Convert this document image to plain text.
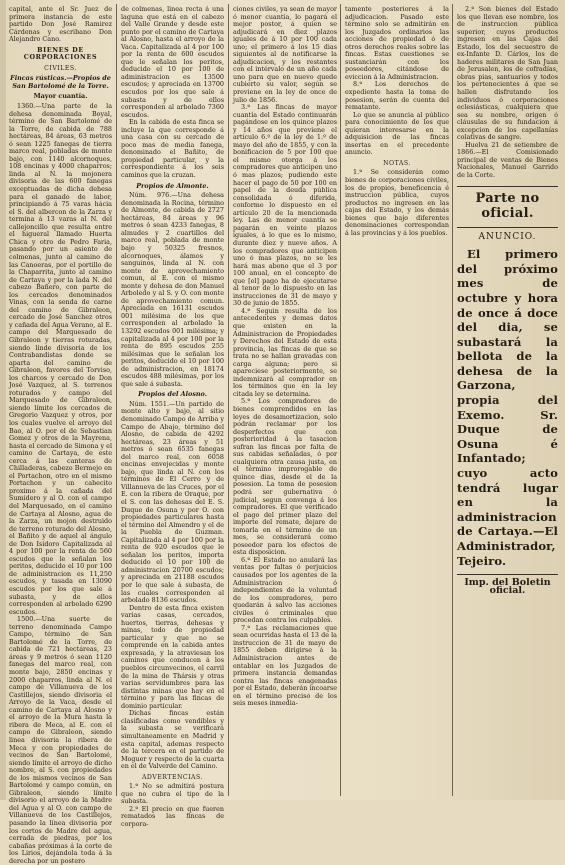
capital, ante el Sr. Juez de primera instancia de este partido Don José Ramirez Cárdenas y escribano Don Alejandro Cano.

BIENES DE CORPORACIONES
CIVILES.
Fincas rústicas.—Propios de San Bartolomé de la Torre.
Mayor cuantía.

1360.—Una parte de la dehesa denominada Boyal, término de San Bartolomé de la Torre, de cabida de 788 hectáreas, 84 áreas, 63 metros ó sean 1225 fanegas de tierra marco real, pobladas de monte bajo, con 1140 alcornoques, 108 encinas y 4000 chaparros; linda al N. la mojonera divisoria de las 600 fanegas exceptuadas de dicha dehesa para el ganado de labor, principiando á 75 varas hácia el S. del albercon de la Zarza y termina á 13 varas al N. del callejoncillo que resulta entre el higueral llamado Huerta Chica y otro de Pedro Faria, pasando por un asiento de colmenas, junto al camino de las Canoeras, por el portillo de la Chaparrita, junto al camino de Cartaya y por la lada N. del cabezo Bañero, con parte de los cercados denominados Vinas, con la senda de carne del camino de Gibraleon, cercado de José Sanchez otros y cañada del Agua Verano, al E. campo del Marquesado de Gibraleon y tierras roturadas, siendo linde divisoria de los Contrabandistas donde se aparta del camino de Gibraleon, favores del Torviso, los charcos y cercado de Don José Vazquez, al S. terrenos roturados y campo del Marquesado de Gibraleon, siendo límite los cercados de Gregorio Vazquez y otros, por los cuales vuelve el arroyo del Bao, al O. por el de Sebastian Gomez y otros de la Mayrena, hasta el cercado de Simona y el camino de Cartaya, de este cerca á las canteras de Chilladeras, cabezo Bermejo en el Portachon, otro en el mismo Portachon y un cabecito proximo á la cañada del Sumidero y al O. con el campo del Marquesado, en el camino de Cartaya al Alosno, agua de la Zarza, un mojon destruido de terreno roturado del Alosno, el Bañito y de aquel al ángulo de Don Isidoro Capitalizada al 4 por 100 por la renta de 560 escudos que le señalan los peritos, deducido el 10 por 100 de administracion es 11,250 escudos, y tasada en 13090 escudos por los que sale á subasta, y de ellos corresponden al arbolado 6290 escudos.

1500.—Una suerte de terreno denominada Campo Campo, término de San Bartolomé de la Torre, de cabida de 721 hectáreas, 23 áreas y 9 metros ó sean 1120 fanegas del marco real, con monte bajo, 2850 encinas y 2000 chaparros, linda al N. el campo de Villanueva de los Castillejos, siendo divisoria el Arroyo de la Vaca, desde el camino de Cartaya al Alosno y el arroyo de la Mura hasta la ribera de Meca, al E. con el campo de Gibraleon, siendo linea divisoria la ribera de Meca y con propiedades de vecinos de San Bartolomé, siendo límite el arroyo de dicho nombre, al S. con propiedades de los mismos vecinos de San Bartolomé y campo común, en Gibraleon, siendo límite divisorio el arroyo de la Madre del Agua y al O. con campo de Villanueva de los Castillejos, pasando la línea divisoria por los cortos de Madre del agua, cerrada de piedras, por los cabañas próximas á la corte de los Lirios, dejándola toda á la derecha por un postero

de colmenas, linea recta á una laguna que está en el cabezo del Valle Grande y desde este punto por el camino de Cartaya al Alosno, hasta el arroyo de la Vaca. Capitalizada al 4 por 100 por la renta de 600 escudos que le señalan los peritos, deducido el 10 por 100 de administracion es 13500 escudos; y apreciada en 13700 escudos por los que sale á subasta y de ellos corresponden al arbolado 7360 escudos.

En la cabida de esta finca se incluye la que corresponde á una casa con su cercado de poco mas de media fanega, denominado el Bañito, de propiedad particular, y la correspondiente á los seis caminos que la cruzan.

Propios de Almonte.

Núm. 976.—Una dehesa denominada la Rocina, término de Almonte, de cabida de 2727 hectáreas, 84 áreas y 96 metros ó sean 4233 fanegas, 8 almudes y 2 cuartillos del marco real, poblada de monte bajo y 50325 fresnos, alcornoques, álamos y sanguinos, linda al N. con monte de aprovechamiento comun, al E. con el mismo monte y dehesa de don Manuel Arboledo y al S. y O. con monte de aprovechamiento comun. Apreciada en 16131 escudos 001 milésima de los que corresponden al arbolado la 13292 escudos 001 milésima; y capitalizada al 4 por 100 por la renta de 895 escudos 255 milésimas que le señalan los peritos, deducido el 10 por 100 de administracion, en 18174 escudos 488 milésimas, por los que sale á subasta.

Propios del Alosno.

Núm. 1551.—Un partido de monte alto y bajo, al sitio denominado Campo de Arriba y Campo de Abajo, término del Alosno, de cabida de 4292 hectáreas, 23 áreas y 51 metros ó sean 6535 fanegas del marco real, con 6058 encinas envejecidas y monte bajo, que linda al N. con los términos de El Cerro y de Villanueva de las Cruces, por el E. con la ribera de Oraque, por el S. con las dehesas del E. S. Duque de Osuna y por O. con propiedades particulares hasta el término del Almendro y el de la Puebla de Guzman. Capitalizada al 4 por 100 por la renta de 920 escudos que le señalan los peritos, importa deducido el 10 por 100 de administracion 20700 escudos; y apreciada en 21188 escudos por lo que sale á subasta, de las cuales corresponden al arbolado 8136 escudos.

Dentro de esta finca existen varias casas, cercados, huertos, tierras, dehesas y minas, todo de propiedad particular y que no se comprende en la cabida antes expresada, y la atraviesan los caminos que conducen á los pueblos circunvecinos, el carril de la mina de Thársis y otras varias servidumbres para las distintas minas que hay en el término y para las fincas de dominio particular.

Dichas fincas están clasificadas como vendibles y la subasta se verificará simultaneamente en Madrid y esta capital, ademas respecto de la tercera en el partido de Moguer y respecto de la cuarta en el de Valverde del Camino.

ADVERTENCIAS.

1.ª No se admitirá postura que no cubra el tipo de la subasta.

2.ª El precio en que fueren rematados las fincas de corpora-

ciones civiles, ya sean de mayor ó menor cuantía, lo pagará el mejor postor, á quien se adjudicará en diez plazos iguales de á 10 por 100 cada uno; el primero á los 15 dias siguientes al de notificarse la adjudicacion, y los restantes con el intérvalo de un año cada uno para que en nuevo quede cubierto su valor, según se previene en la ley de once de julio de 1856.

3.ª Las fincas de mayor cuantía del Estado continuarán pagándose en los quince plazos y 14 años que previene el artículo 6.º de la ley de 1.º de mayo del año de 1855, y con la bonificacion de 5 por 100 que el mismo otorga á los compradores que anticipen uno ó mas plazos; pudiendo este hacer el pago de 50 por 100 en papel de la deuda pública consolidada ó diferida, conforme lo dispuesto en el artículo 20 de la mencionada ley. Las de menor cuantía se pagarán en veinte plazos iguales, á lo que es lo mismo, durante diez y nueve años. A los compradores que anticipen uno ó mas plazos, no se les hará mas abono que el 3 por 100 anual, en el concepto de que [el] pago ha de ejecutarse al tenor de lo dispuesto en las instrucciones de 31 de mayo y 30 de junio de 1855.

4.ª Seguin resulta de los antecedentes y demas datos que existen en la Administracion de Propiedades y Derechos del Estado de esta provincia, las fincas de que se trata no se hallan gravadas con carga alguna; pero si apareciese posteriormente, se indemnizará al comprador en los términos que en la ley citada ley se determina.

5.ª Los compradores de bienes comprendidos en las leyes de desamortizacion, solo podrán reclamar por los desperfectos que con posterioridad á la tasacion sufran las fincas por falta de sus cabidas señaladas, ó por cualquiera otra causa justa, en el término improrogable de quince dias, desde el de la posesion. La toma de posesion podrá ser gubernativa ó judicial, segun convenga á los compradores. El que verificado el pago del primer plazo del importe del remate, dejare de tomarla en el término de un mes, se considerará como poseedor para los efectos de esta disposicion.

6.ª El Estado no anulará las ventas por faltas ó perjuicios causados por los agentes de la Administracion ó independientes de la voluntad de los compradores, pero quedarán á salvo las acciones civiles ó criminales que procedan contra los culpables.

7.ª Las reclamaciones que sean ocurridas hasta el 13 de la instruccion de 31 de mayo de 1855 deben dirigirse á la Administracion antes de entablar en los Juzgados de primera instancia demandas contra las fincas enagenadas por el Estado, deberán incoarse en el término preciso de los seis meses inmedia-

tamente posteriores á la adjudicacion. Pasado este término solo se admitirán en los Juzgados ordinarios las acciones de propiedad ó de otros derechos reales sobre las fincas. Estas cuestiones se sustanciarán con los poseedores, citándose de eviccion á la Administracion.

8.ª Los derechos de expediente hasta la toma de posesion, serán de cuenta del rematante.

Lo que se anuncia al público para conocimiento de los que quieran interesarse en la adquisicion de las fincas insertas en el precedente anuncio.

NOTAS.

1.ª Se considerán como bienes de corporaciones civiles, los de propios, beneficencia é instruccion pública, cuyos productos no ingresen en las cajas del Estado, y los demás bienes que bajo diferentes denominaciones correspondan á las provincias y á los pueblos.

2.ª Son bienes del Estado los que llevan ese nombre, los de instruccion pública superior, cuyos productos ingresen en las Cajas del Estado, los del secuestro de ex-Infante D. Cárlos, los de haderes militares de San Juan de Jerusalen, los de cofradías, obras pias, santuarios y todos los pertenecientes á que se hallen disfrutando los individuos ó corporaciones eclesiásticas, cualquiera que sea su nombre, origen ó cláusulas de su fundacion á excepcion de los capellanías colativas de sangre.

Huelva 21 de setiembre de 1866.—El Comisionado principal de ventas de Bienes Nacionales, Manuel Garrido de la Corte.

Parte no oficial.
ANUNCIO.
El primero del próximo mes de octubre y hora de once á doce del dia, se subastará la bellota de la dehesa de la Garzona, propia del Exemo. Sr. Duque de Osuna é Infantado; cuyo acto tendrá lugar en la administracion de Cartaya.—El Administrador, Tejeiro.
Imp. del Boletin oficial.
